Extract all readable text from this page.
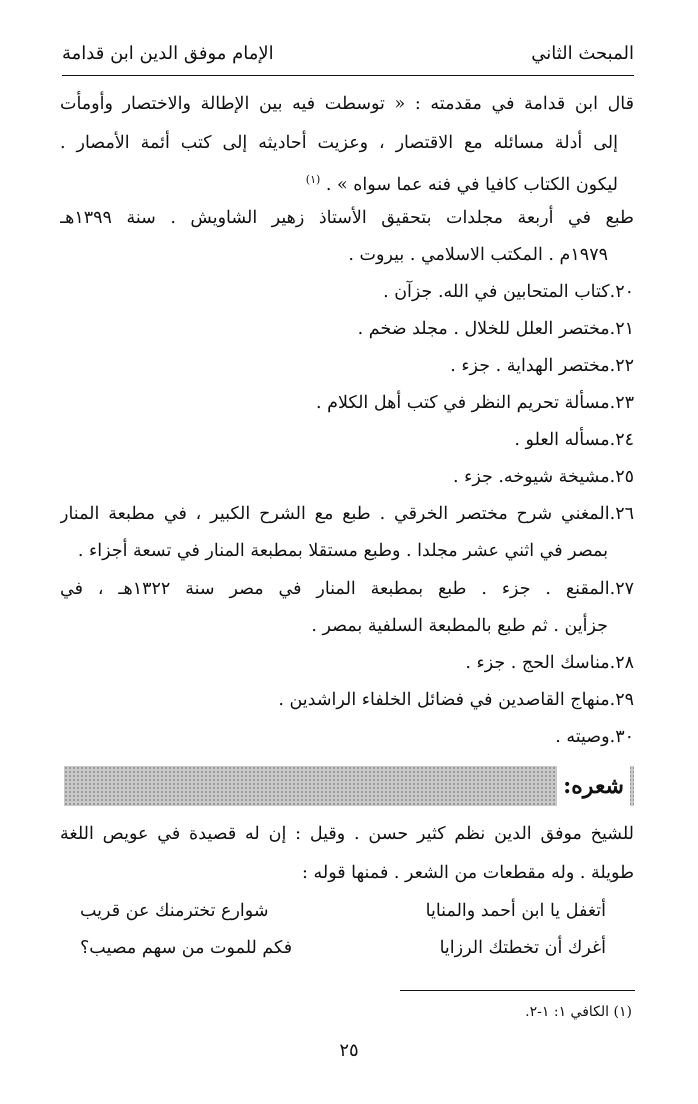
المبحث الثاني
الإمام موفق الدين ابن قدامة
قال ابن قدامة في مقدمته : « توسطت فيه بين الإطالة والاختصار وأومأت
إلى أدلة مسائله مع الاقتصار ، وعزيت أحاديثه إلى كتب أئمة الأمصار .
ليكون الكتاب كافيا في فنه عما سواه » . $^{(١)}$
طبع في أربعة مجلدات بتحقيق الأستاذ زهير الشاويش . سنة ١٣٩٩هـ
١٩٧٩م . المكتب الاسلامي . بيروت .
٢٠.كتاب المتحابين في الله. جزآن .
٢١.مختصر العلل للخلال . مجلد ضخم .
٢٢.مختصر الهداية . جزء .
٢٣.مسألة تحريم النظر في كتب أهل الكلام .
٢٤.مسأله العلو .
٢٥.مشيخة شيوخه. جزء .
٢٦.المغني شرح مختصر الخرقي . طبع مع الشرح الكبير ، في مطبعة المنار
بمصر في اثني عشر مجلدا . وطبع مستقلا بمطبعة المنار في تسعة أجزاء .
٢٧.المقنع . جزء . طبع بمطبعة المنار في مصر سنة ١٣٢٢هـ ، في
جزأين . ثم طبع بالمطبعة السلفية بمصر .
٢٨.مناسك الحج . جزء .
٢٩.منهاج القاصدين في فضائل الخلفاء الراشدين .
٣٠.وصيته .
شعره:
للشيخ موفق الدين نظم كثير حسن . وقيل : إن له قصيدة في عويص اللغة
طويلة . وله مقطعات من الشعر . فمنها قوله :
أتغفل يا ابن أحمد والمنايا
شوارع تخترمنك عن قريب
أغرك أن تخطتك الرزايا
فكم للموت من سهم مصيب؟
(١) الكافي ١: ١-٢.
٢٥
